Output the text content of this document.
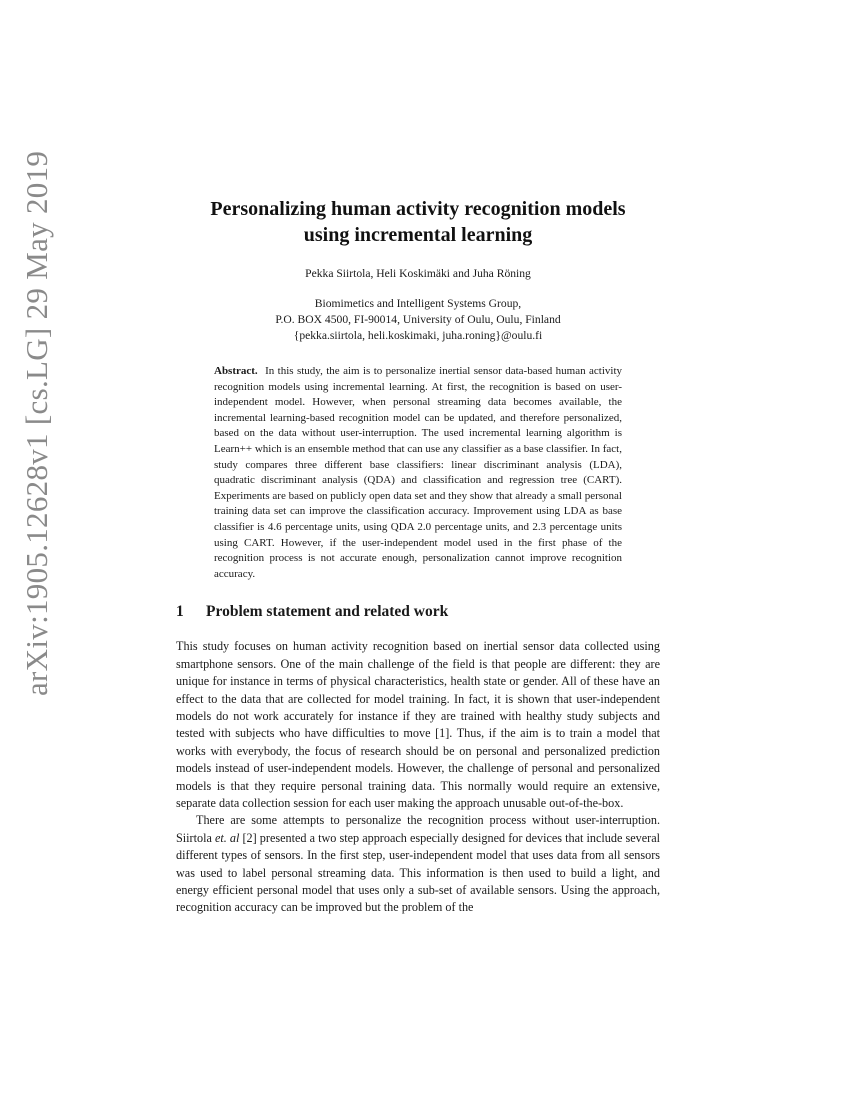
arXiv:1905.12628v1 [cs.LG] 29 May 2019	Personalizing human activity recognition models
using incremental learning
Pekka Siirtola, Heli Koskimäki and Juha Röning
Biomimetics and Intelligent Systems Group,
P.O. BOX 4500, FI-90014, University of Oulu, Oulu, Finland
{pekka.siirtola, heli.koskimaki, juha.roning}@oulu.fi
Abstract. In this study, the aim is to personalize inertial sensor data-based human activity recognition models using incremental learning. At first, the recognition is based on user-independent model. However, when personal streaming data becomes available, the incremental learning-based recognition model can be updated, and therefore personalized, based on the data without user-interruption. The used incremental learning algorithm is Learn++ which is an ensemble method that can use any classifier as a base classifier. In fact, study compares three different base classifiers: linear discriminant analysis (LDA), quadratic discriminant analysis (QDA) and classification and regression tree (CART). Experiments are based on publicly open data set and they show that already a small personal training data set can improve the classification accuracy. Improvement using LDA as base classifier is 4.6 percentage units, using QDA 2.0 percentage units, and 2.3 percentage units using CART. However, if the user-independent model used in the first phase of the recognition process is not accurate enough, personalization cannot improve recognition accuracy.
1 Problem statement and related work

This study focuses on human activity recognition based on inertial sensor data collected using smartphone sensors. One of the main challenge of the field is that people are different: they are unique for instance in terms of physical characteristics, health state or gender. All of these have an effect to the data that are collected for model training. In fact, it is shown that user-independent models do not work accurately for instance if they are trained with healthy study subjects and tested with subjects who have difficulties to move [1]. Thus, if the aim is to train a model that works with everybody, the focus of research should be on personal and personalized prediction models instead of user-independent models. However, the challenge of personal and personalized models is that they require personal training data. This normally would require an extensive, separate data collection session for each user making the approach unusable out-of-the-box.

There are some attempts to personalize the recognition process without user-interruption. Siirtola et. al [2] presented a two step approach especially designed for devices that include several different types of sensors. In the first step, user-independent model that uses data from all sensors was used to label personal streaming data. This information is then used to build a light, and energy efficient personal model that uses only a sub-set of available sensors. Using the approach, recognition accuracy can be improved but the problem of the
